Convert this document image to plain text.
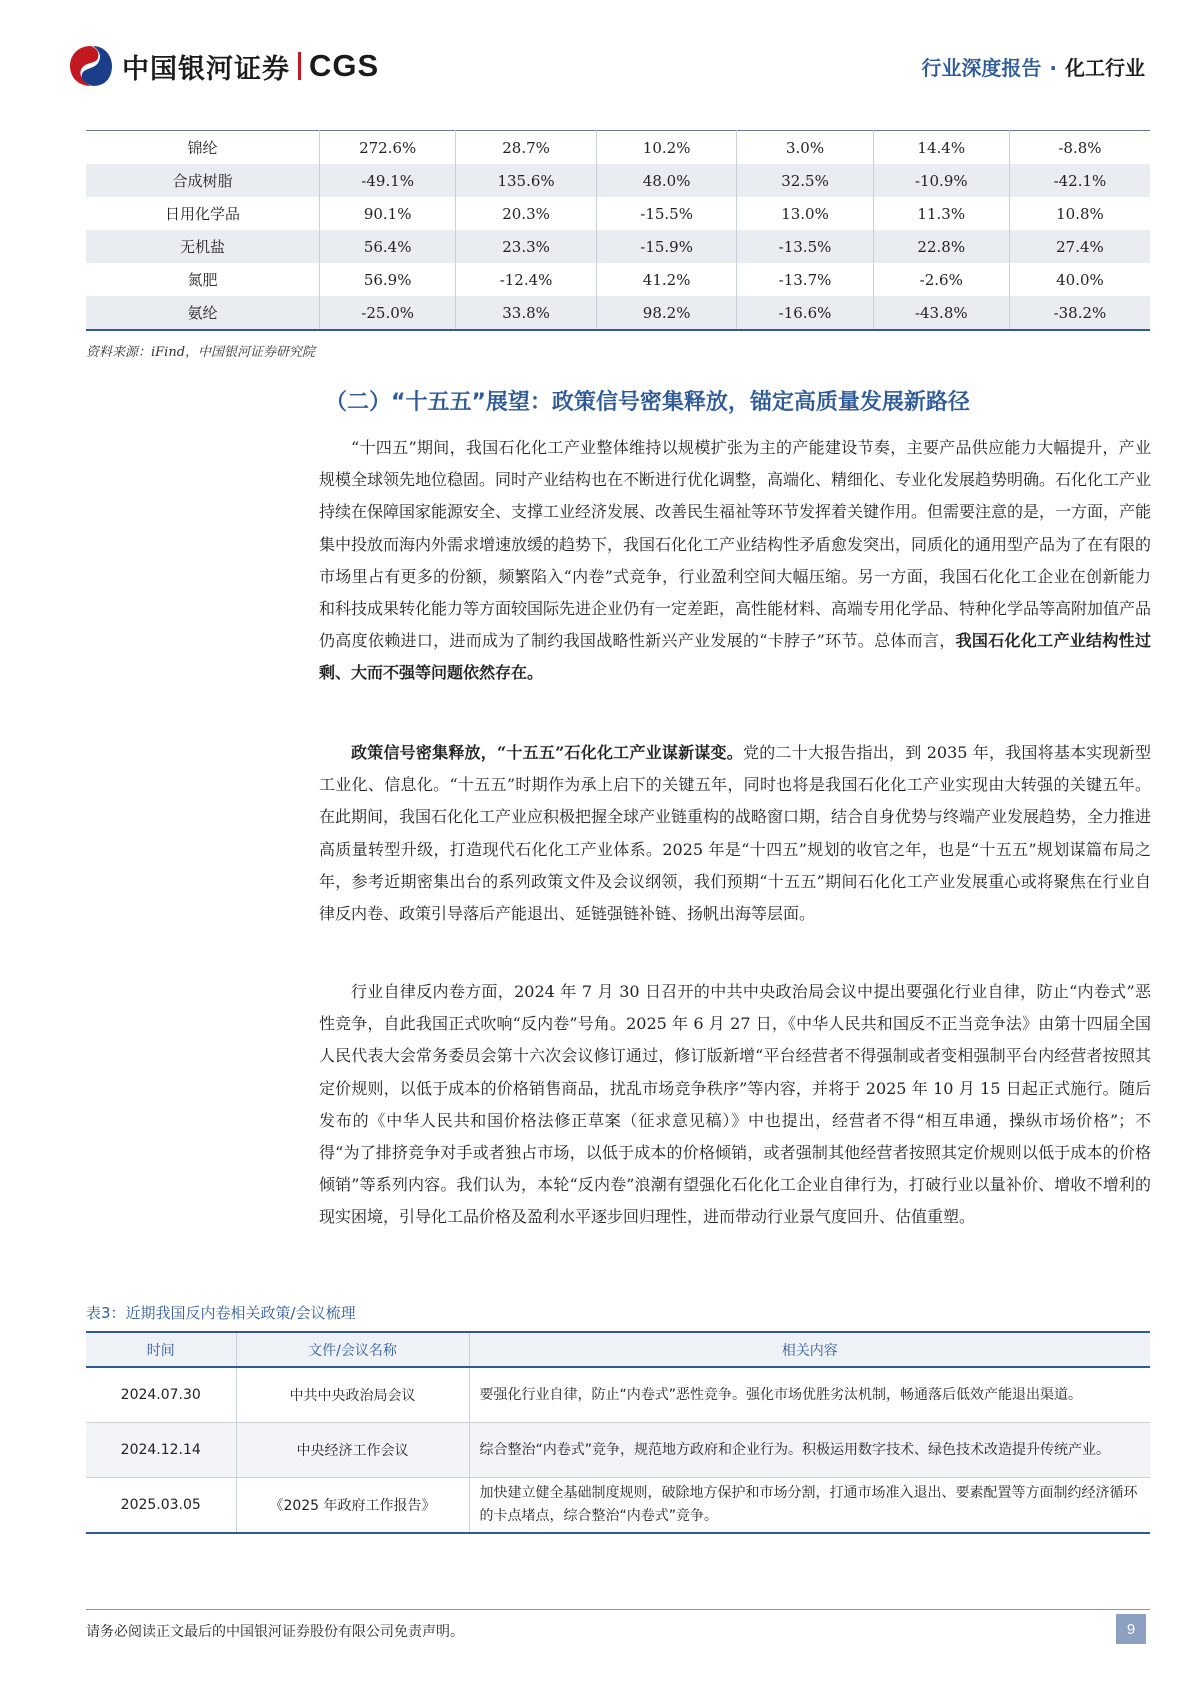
中国银河证券 CGS	行业深度报告 · 化工行业
锦纶	272.6%	28.7%	10.2%	3.0%	14.4%	-8.8%
合成树脂	-49.1%	135.6%	48.0%	32.5%	-10.9%	-42.1%
日用化学品	90.1%	20.3%	-15.5%	13.0%	11.3%	10.8%
无机盐	56.4%	23.3%	-15.9%	-13.5%	22.8%	27.4%
氮肥	56.9%	-12.4%	41.2%	-13.7%	-2.6%	40.0%
氨纶	-25.0%	33.8%	98.2%	-16.6%	-43.8%	-38.2%
资料来源：iFind，中国银河证券研究院
（二）“十五五”展望：政策信号密集释放，锚定高质量发展新路径

“十四五”期间，我国石化化工产业整体维持以规模扩张为主的产能建设节奏，主要产品供应能力大幅提升，产业规模全球领先地位稳固。同时产业结构也在不断进行优化调整，高端化、精细化、专业化发展趋势明确。石化化工产业持续在保障国家能源安全、支撑工业经济发展、改善民生福祉等环节发挥着关键作用。但需要注意的是，一方面，产能集中投放而海内外需求增速放缓的趋势下，我国石化化工产业结构性矛盾愈发突出，同质化的通用型产品为了在有限的市场里占有更多的份额，频繁陷入“内卷”式竞争，行业盈利空间大幅压缩。另一方面，我国石化化工企业在创新能力和科技成果转化能力等方面较国际先进企业仍有一定差距，高性能材料、高端专用化学品、特种化学品等高附加值产品仍高度依赖进口，进而成为了制约我国战略性新兴产业发展的“卡脖子”环节。总体而言，我国石化化工产业结构性过剩、大而不强等问题依然存在。

政策信号密集释放，“十五五”石化化工产业谋新谋变。党的二十大报告指出，到 2035 年，我国将基本实现新型工业化、信息化。“十五五”时期作为承上启下的关键五年，同时也将是我国石化化工产业实现由大转强的关键五年。在此期间，我国石化化工产业应积极把握全球产业链重构的战略窗口期，结合自身优势与终端产业发展趋势，全力推进高质量转型升级，打造现代石化化工产业体系。2025 年是“十四五”规划的收官之年，也是“十五五”规划谋篇布局之年，参考近期密集出台的系列政策文件及会议纲领，我们预期“十五五”期间石化化工产业发展重心或将聚焦在行业自律反内卷、政策引导落后产能退出、延链强链补链、扬帆出海等层面。

行业自律反内卷方面，2024 年 7 月 30 日召开的中共中央政治局会议中提出要强化行业自律，防止“内卷式”恶性竞争，自此我国正式吹响“反内卷”号角。2025 年 6 月 27 日，《中华人民共和国反不正当竞争法》由第十四届全国人民代表大会常务委员会第十六次会议修订通过，修订版新增“平台经营者不得强制或者变相强制平台内经营者按照其定价规则，以低于成本的价格销售商品，扰乱市场竞争秩序”等内容，并将于 2025 年 10 月 15 日起正式施行。随后发布的《中华人民共和国价格法修正草案（征求意见稿）》中也提出，经营者不得“相互串通，操纵市场价格”；不得“为了排挤竞争对手或者独占市场，以低于成本的价格倾销，或者强制其他经营者按照其定价规则以低于成本的价格倾销”等系列内容。我们认为，本轮“反内卷”浪潮有望强化石化化工企业自律行为，打破行业以量补价、增收不增利的现实困境，引导化工品价格及盈利水平逐步回归理性，进而带动行业景气度回升、估值重塑。

表3：近期我国反内卷相关政策/会议梳理
时间	文件/会议名称	相关内容
2024.07.30	中共中央政治局会议	要强化行业自律，防止“内卷式”恶性竞争。强化市场优胜劣汰机制，畅通落后低效产能退出渠道。
2024.12.14	中央经济工作会议	综合整治“内卷式”竞争，规范地方政府和企业行为。积极运用数字技术、绿色技术改造提升传统产业。
2025.03.05	《2025 年政府工作报告》	加快建立健全基础制度规则，破除地方保护和市场分割，打通市场准入退出、要素配置等方面制约经济循环的卡点堵点，综合整治“内卷式”竞争。
请务必阅读正文最后的中国银河证券股份有限公司免责声明。	9
